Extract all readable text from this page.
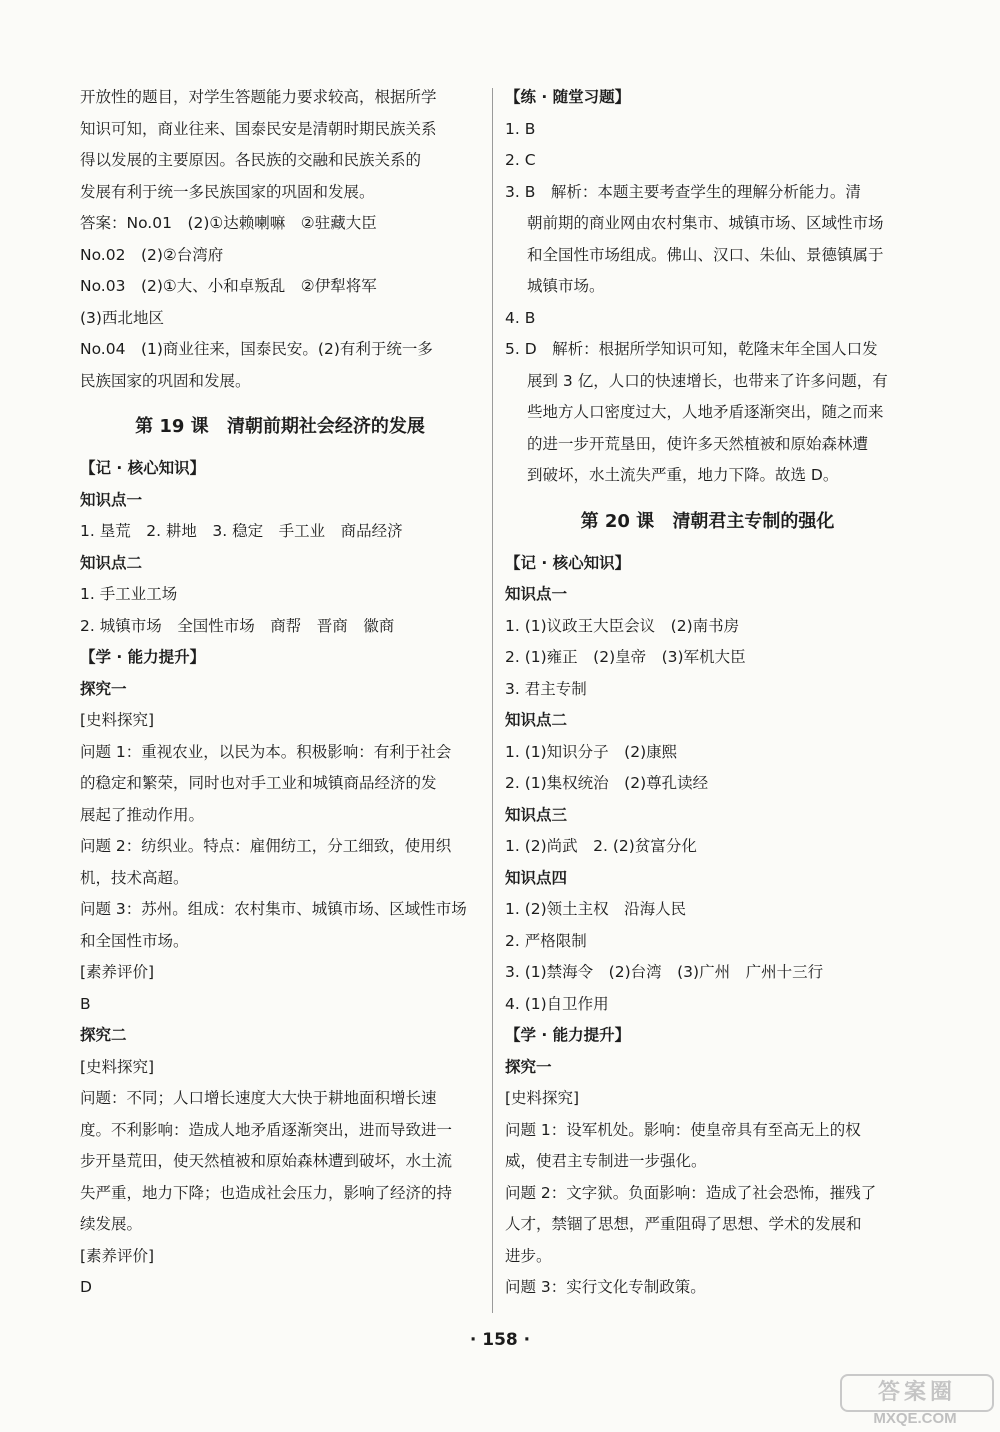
开放性的题目，对学生答题能力要求较高，根据所学
知识可知，商业往来、国泰民安是清朝时期民族关系
得以发展的主要原因。各民族的交融和民族关系的
发展有利于统一多民族国家的巩固和发展。
答案：No.01　(2)①达赖喇嘛　②驻藏大臣
No.02　(2)②台湾府
No.03　(2)①大、小和卓叛乱　②伊犁将军
(3)西北地区
No.04　(1)商业往来，国泰民安。(2)有利于统一多
民族国家的巩固和发展。
第 19 课 清朝前期社会经济的发展
【记 · 核心知识】
知识点一
1. 垦荒　2. 耕地　3. 稳定　手工业　商品经济
知识点二
1. 手工业工场
2. 城镇市场　全国性市场　商帮　晋商　徽商
【学 · 能力提升】
探究一
[史料探究]
问题 1：重视农业，以民为本。积极影响：有利于社会
的稳定和繁荣，同时也对手工业和城镇商品经济的发
展起了推动作用。
问题 2：纺织业。特点：雇佣纺工，分工细致，使用织
机，技术高超。
问题 3：苏州。组成：农村集市、城镇市场、区域性市场
和全国性市场。
[素养评价]
B
探究二
[史料探究]
问题：不同；人口增长速度大大快于耕地面积增长速
度。不利影响：造成人地矛盾逐渐突出，进而导致进一
步开垦荒田，使天然植被和原始森林遭到破坏，水土流
失严重，地力下降；也造成社会压力，影响了经济的持
续发展。
[素养评价]
D
【练 · 随堂习题】
1. B
2. C
3. B　解析：本题主要考查学生的理解分析能力。清
朝前期的商业网由农村集市、城镇市场、区域性市场
和全国性市场组成。佛山、汉口、朱仙、景德镇属于
城镇市场。
4. B
5. D　解析：根据所学知识可知，乾隆末年全国人口发
展到 3 亿，人口的快速增长，也带来了许多问题，有
些地方人口密度过大，人地矛盾逐渐突出，随之而来
的进一步开荒垦田，使许多天然植被和原始森林遭
到破坏，水土流失严重，地力下降。故选 D。
第 20 课 清朝君主专制的强化
【记 · 核心知识】
知识点一
1. (1)议政王大臣会议　(2)南书房
2. (1)雍正　(2)皇帝　(3)军机大臣
3. 君主专制
知识点二
1. (1)知识分子　(2)康熙
2. (1)集权统治　(2)尊孔读经
知识点三
1. (2)尚武　2. (2)贫富分化
知识点四
1. (2)领土主权　沿海人民
2. 严格限制
3. (1)禁海令　(2)台湾　(3)广州　广州十三行
4. (1)自卫作用
【学 · 能力提升】
探究一
[史料探究]
问题 1：设军机处。影响：使皇帝具有至高无上的权
威，使君主专制进一步强化。
问题 2：文字狱。负面影响：造成了社会恐怖，摧残了
人才，禁锢了思想，严重阻碍了思想、学术的发展和
进步。
问题 3：实行文化专制政策。
· 158 ·
答案圈
MXQE.COM
